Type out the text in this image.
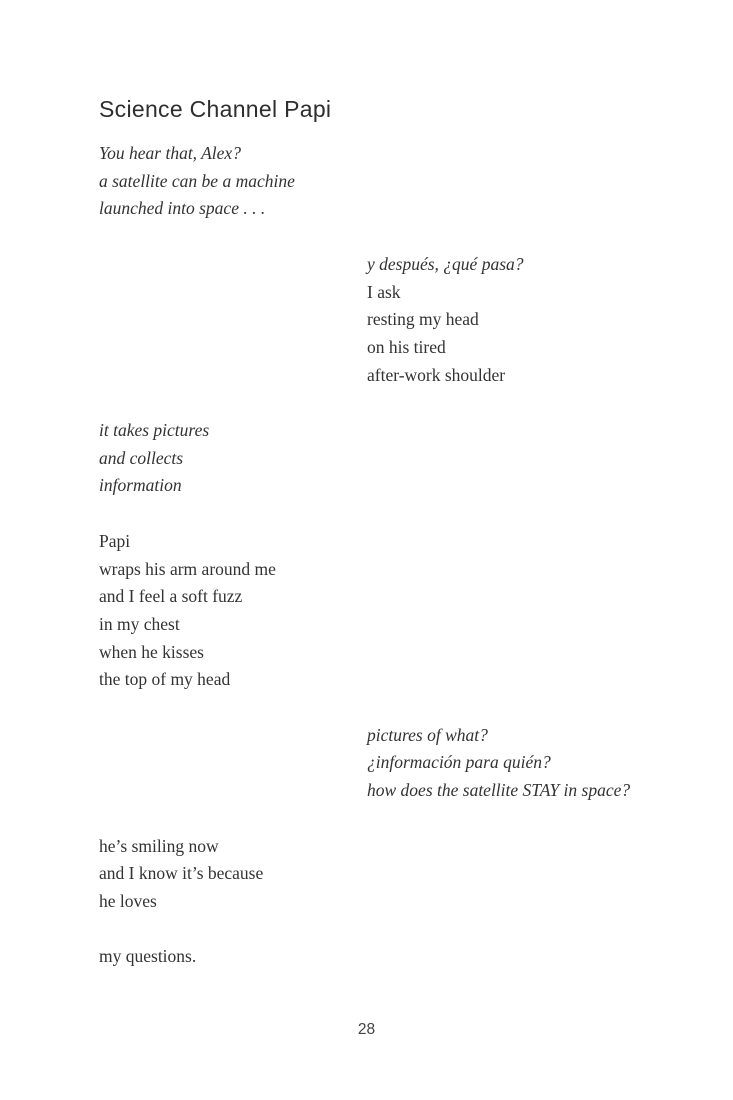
Science Channel Papi
You hear that, Alex?
a satellite can be a machine
launched into space . . .
y después, ¿qué pasa?
I ask
resting my head
on his tired
after-work shoulder
it takes pictures
and collects
information
Papi
wraps his arm around me
and I feel a soft fuzz
in my chest
when he kisses
the top of my head
pictures of what?
¿información para quién?
how does the satellite STAY in space?
he’s smiling now
and I know it’s because
he loves
my questions.
28
